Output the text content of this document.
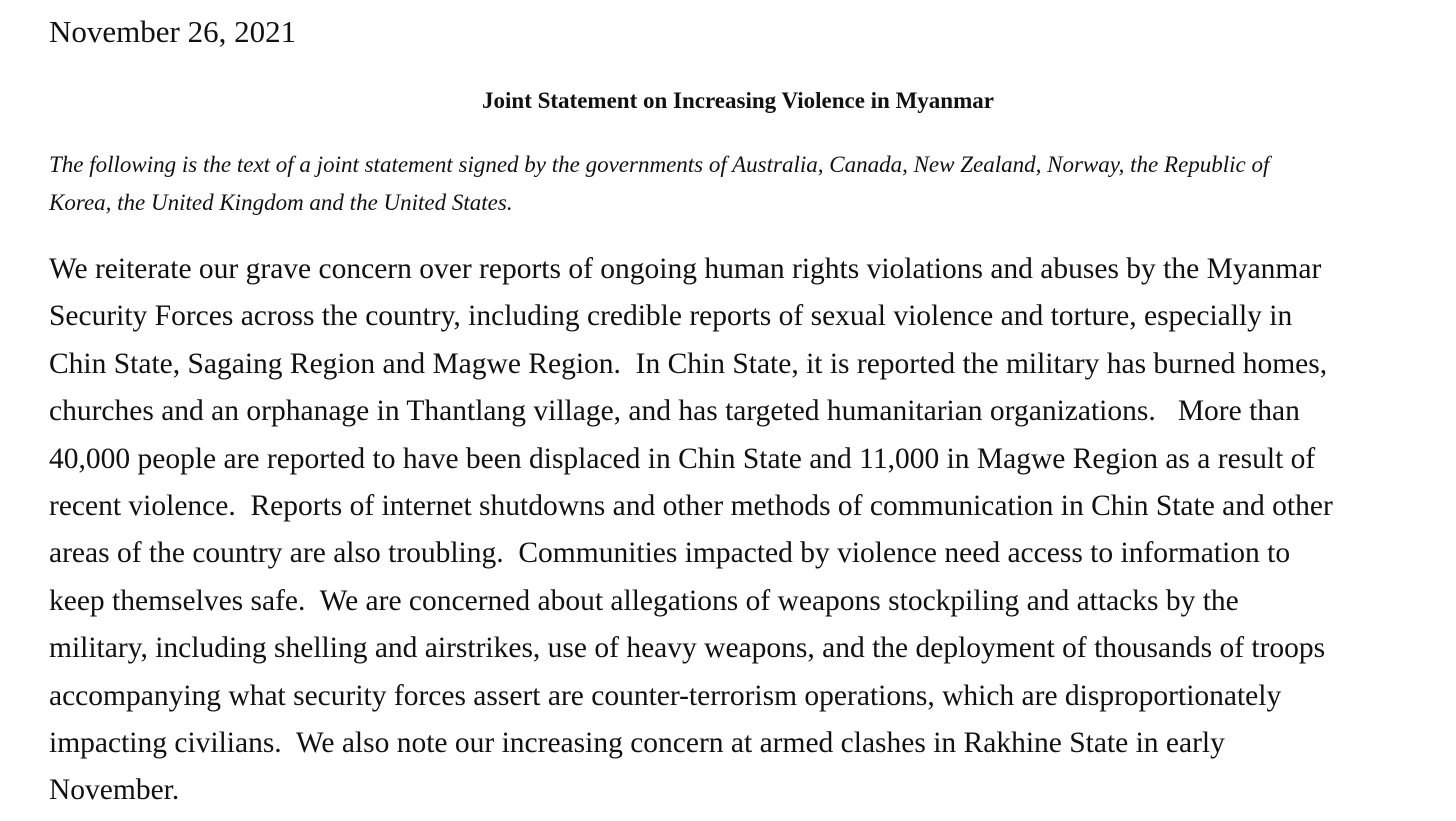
November 26, 2021
Joint Statement on Increasing Violence in Myanmar
The following is the text of a joint statement signed by the governments of Australia, Canada, New Zealand, Norway, the Republic of
Korea, the United Kingdom and the United States.
We reiterate our grave concern over reports of ongoing human rights violations and abuses by the Myanmar
Security Forces across the country, including credible reports of sexual violence and torture, especially in
Chin State, Sagaing Region and Magwe Region.  In Chin State, it is reported the military has burned homes,
churches and an orphanage in Thantlang village, and has targeted humanitarian organizations.   More than
40,000 people are reported to have been displaced in Chin State and 11,000 in Magwe Region as a result of
recent violence.  Reports of internet shutdowns and other methods of communication in Chin State and other
areas of the country are also troubling.  Communities impacted by violence need access to information to
keep themselves safe.  We are concerned about allegations of weapons stockpiling and attacks by the
military, including shelling and airstrikes, use of heavy weapons, and the deployment of thousands of troops
accompanying what security forces assert are counter-terrorism operations, which are disproportionately
impacting civilians.  We also note our increasing concern at armed clashes in Rakhine State in early
November.
